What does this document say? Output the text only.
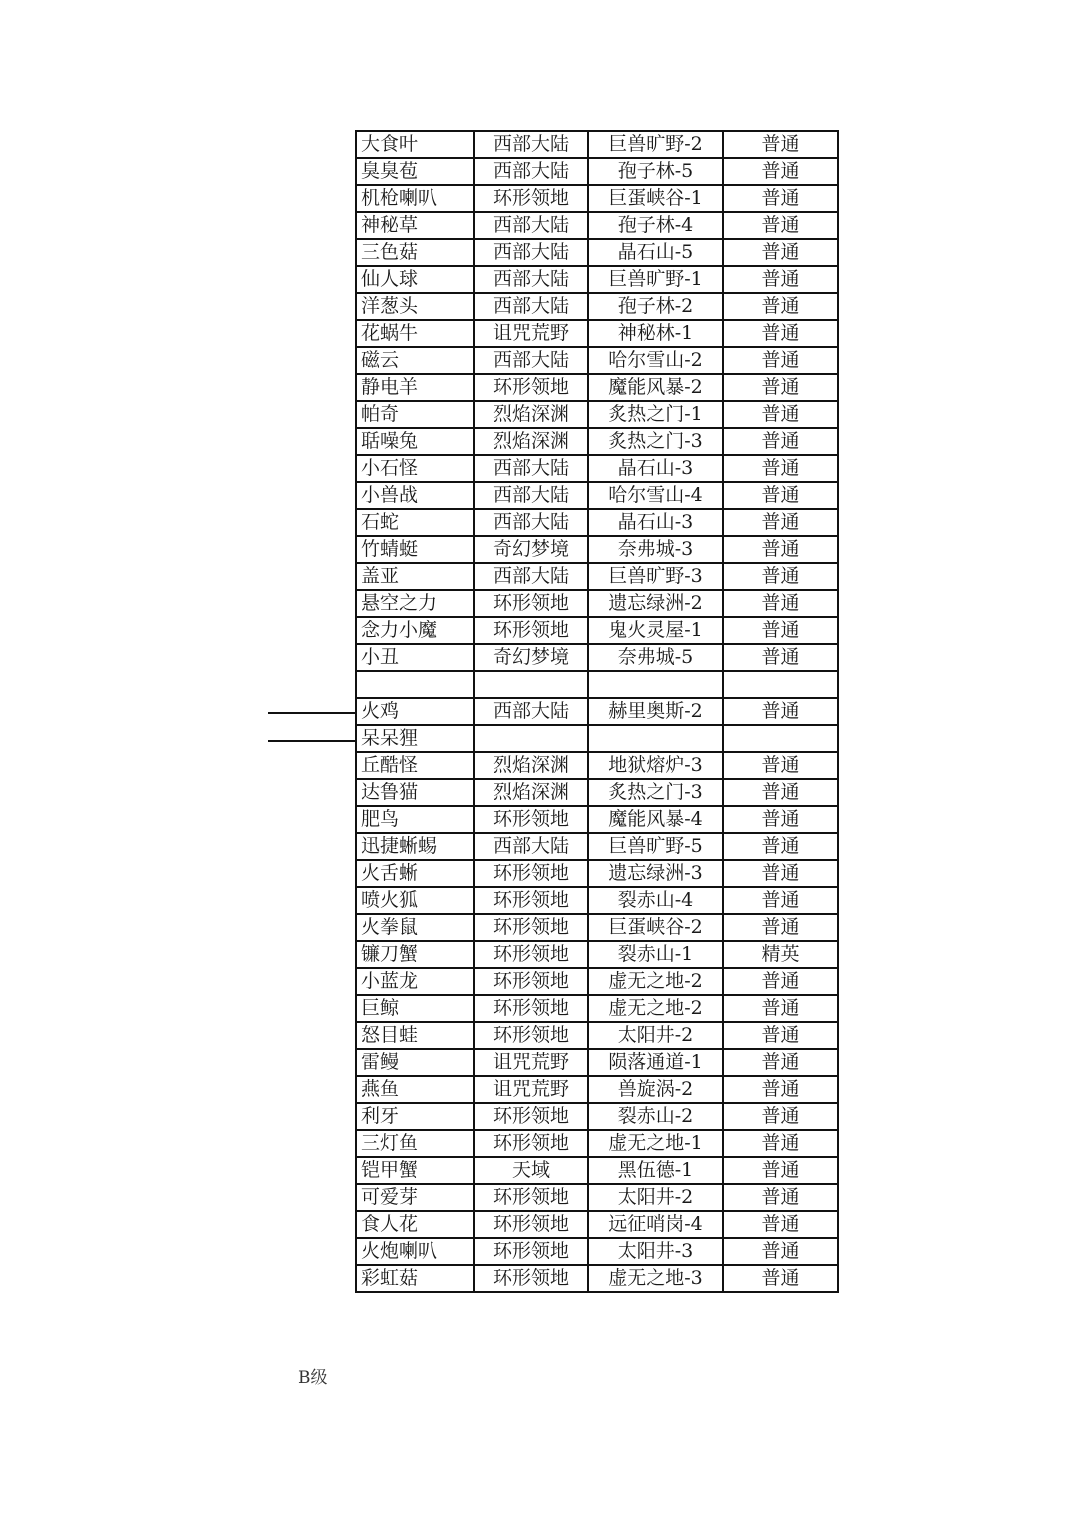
B级
大食叶	西部大陆	巨兽旷野-2	普通
臭臭苞	西部大陆	孢子林-5	普通
机枪喇叭	环形领地	巨蛋峡谷-1	普通
神秘草	西部大陆	孢子林-4	普通
三色菇	西部大陆	晶石山-5	普通
仙人球	西部大陆	巨兽旷野-1	普通
洋葱头	西部大陆	孢子林-2	普通
花蜗牛	诅咒荒野	神秘林-1	普通
磁云	西部大陆	哈尔雪山-2	普通
静电羊	环形领地	魔能风暴-2	普通
帕奇	烈焰深渊	炙热之门-1	普通
聒噪兔	烈焰深渊	炙热之门-3	普通
小石怪	西部大陆	晶石山-3	普通
小兽战	西部大陆	哈尔雪山-4	普通
石蛇	西部大陆	晶石山-3	普通
竹蜻蜓	奇幻梦境	奈弗城-3	普通
盖亚	西部大陆	巨兽旷野-3	普通
悬空之力	环形领地	遗忘绿洲-2	普通
念力小魔	环形领地	鬼火灵屋-1	普通
小丑	奇幻梦境	奈弗城-5	普通

火鸡	西部大陆	赫里奥斯-2	普通
呆呆狸			
丘酷怪	烈焰深渊	地狱熔炉-3	普通
达鲁猫	烈焰深渊	炙热之门-3	普通
肥鸟	环形领地	魔能风暴-4	普通
迅捷蜥蜴	西部大陆	巨兽旷野-5	普通
火舌蜥	环形领地	遗忘绿洲-3	普通
喷火狐	环形领地	裂赤山-4	普通
火拳鼠	环形领地	巨蛋峡谷-2	普通
镰刀蟹	环形领地	裂赤山-1	精英
小蓝龙	环形领地	虚无之地-2	普通
巨鲸	环形领地	虚无之地-2	普通
怒目蛙	环形领地	太阳井-2	普通
雷鳗	诅咒荒野	陨落通道-1	普通
燕鱼	诅咒荒野	兽旋涡-2	普通
利牙	环形领地	裂赤山-2	普通
三灯鱼	环形领地	虚无之地-1	普通
铠甲蟹	天域	黑伍德-1	普通
可爱芽	环形领地	太阳井-2	普通
食人花	环形领地	远征哨岗-4	普通
火炮喇叭	环形领地	太阳井-3	普通
彩虹菇	环形领地	虚无之地-3	普通
